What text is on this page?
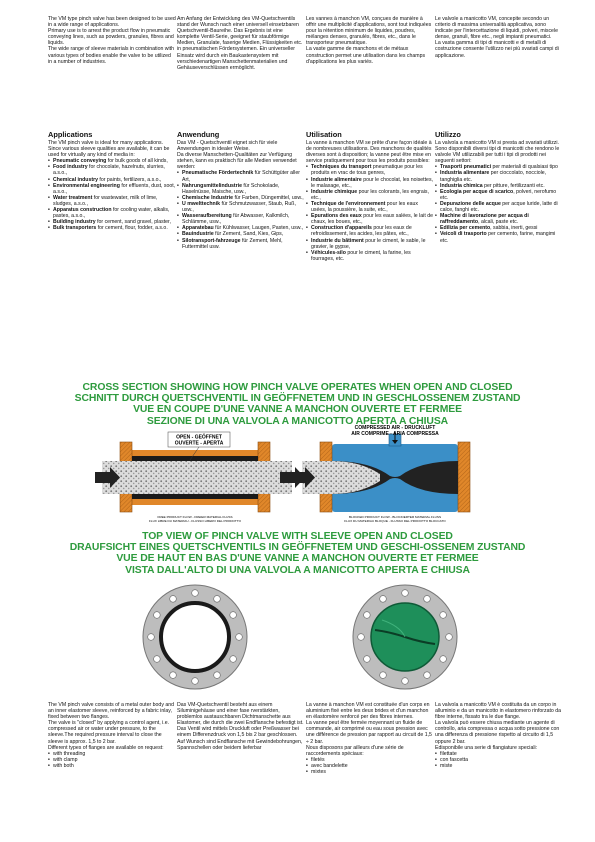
The VM type pinch valve has been designed to be used in a wide range of applications.

Primary use is to arrest the product flow in pneumatic conveying lines, such as powders, granules, fibres and liquids.

The wide range of sleeve materials in combination with various types of bodies enable the valve to be utilized in a number of industries.

Am Anfang der Entwicklung des VM-Quetschventils stand der Wunsch nach einer universell einsetzbaren Quetschventil-Baureihe. Das Ergebnis ist eine komplette Ventil-Serie, geeignet für staubförmige Medien, Granulate, faserige Medien, Flüssigkeiten etc. in pneumatischen Fördersystemen. Ein universeller Einsatz wird durch ein Baukastensystem mit verschiedenartigen Manschettenmaterialien und Gehäuseverschlüssen ermöglicht.

Les vannes à manchon VM, conçues de manière à offrir une multiplicité d'applications, sont tout indiquées pour la rétention minimum de liquides, poudres, mélanges denses, granulés, fibres, etc., dans le transporteur pneumatique.

La vaste gamme de manchons et de métaux construction permet une utilisation dans les champs d'applications les plus variés.

Le valvole a manicotto VM, concepite secondo un criterio di massima universalità applicativa, sono indicate per l'intercettazione di liquidi, polveri, miscele dense, granuli, fibre etc., negli impianti pneumatici.

La vasta gamma di tipi di manicotti e di metalli di costruzione consente l'utilizzo nei più svariati campi di applicazione.

Applications

The VM pinch valve is ideal for many applications. Since various sleeve qualities are available, it can be used for virtually any kind of media in:

• Pneumatic conveying for bulk goods of all kinds,
• Food industry for chocolate, hazelnuts, slurries, a.s.o.,
• Chemical industry for paints, fertilizers, a.s.o.,
• Environmental engineering for effluents, dust, soot, a.s.o.,
• Water treatment for wastewater, milk of lime, sludges, a.s.o.,
• Apparatus construction for cooling water, alkalis, pastes, a.s.o.,
• Building industry for cement, sand gravel, plaster,
• Bulk transporters for cement, flour, fodder, a.s.o.
Anwendung

Das VM - Quetschventil eignet sich für viele Anwendungen in idealer Weise.

Da diverse Manschetten-Qualitäten zur Verfügung stehen, kann es praktisch für alle Medien verwendet werden:

• Pneumatische Fördertechnik für Schüttgüter aller Art,
• Nahrungsmittelindustrie für Schokolade, Haselnüsse, Maische, usw.,
• Chemische Industrie für Farben, Düngemittel, usw.,
• U mwelttechnik für Schmutzwasser, Staub, Ruß, usw.,
• Wasseraufbereitung für Abwasser, Kalkmilch, Schlämme, usw.,
• Apparatebau für Kühlwasser, Laugen, Pasten, usw.,
• Bauindustrie für Zement, Sand, Kies, Gips,
• Silotransport-fahrzeuge für Zement, Mehl, Futtermittel usw.
Utilisation

La vanne à manchon VM se prête d'une façon idéale à de nombreuses utilisations. Des manchons de qualités diverses sont à disposition; la vanne peut être mise en service pratiquement pour tous les produits possibles:

• Techniques du transport pneumatique pour les produits en vrac de tous genres,
• Industrie alimentaire pour le chocolat, les noisettes, le malaxage, etc.,
• Industrie chimique pour les colorants, les engrais, etc.,
• Technique de l'environnement pour les eaux usées, la poussière, la suite, etc.,
• Epurations des eaux pour les eaux salées, le lait de chaux, les boues, etc.,
• Construction d'appareils pour les eaux de refroidissement, les acides, les pâtes, etc.,
• Industrie du bâtiment pour le ciment, le sable, le gravier, le gypse,
• Véhicules-silo pour le ciment, la farine, les fourrages, etc.
Utilizzo

La valvola a manicotto VM si presta ad svariati utilizzi. Sono disponibili diversi tipi di manicotti che rendono le valvole VM utilizzabili per tutti i tipi di prodotti nei seguenti settori:

• Trasporti pneumatici per materiali di qualsiasi tipo
• Industria alimentare per cioccolato, nocciole, tanghiglia etc.
• Industria chimica per pitture, fertilizzanti etc.
• Ecologia per acque di scarico, polveri, nerofumo etc.
• Depurazione delle acque per acque luride, latte di calce, fanghi etc.
• Machine di lavorazione per acqua di raffreddamento, alcali, paste etc.
• Edilizia per cemento, sabbia, inerti, gessi
• Veicoli di trasporto per cemento, farine, mangimi etc.
CROSS SECTION SHOWING HOW PINCH VALVE OPERATES WHEN OPEN AND CLOSED
SCHNITT DURCH QUETSCHVENTIL IN GEÖFFNETEM UND IN GESCHLOSSENEM ZUSTAND
VUE EN COUPE D'UNE VANNE A MANCHON OUVERTE ET FERMEE
SEZIONE DI UNA VALVOLA A MANICOTTO APERTA A CHIUSA
OPEN - GEÖFFNET
OUVERTE - APERTA
FREE PRODUCT FLOW - FREIER MATERIAL FLUSS
FLUX LIBRE DU MATERIAU - FLUSSO LIBERO DEL PRODOTTO
COMPRESSED AIR - DRUCKLUFT
AIR COMPRIME - ARIA COMPRESSA
BLOCKED PRODUCT FLOW - BLOCKIERTER MATERIAL FLUSS
FLUX DU MATERIAU BLOQUE - FLUSSO DEL PRODOTTO BLOCCATO
TOP VIEW OF PINCH VALVE WITH SLEEVE OPEN AND CLOSED
DRAUFSICHT EINES QUETSCHVENTILS IN GEÖFFNETEM UND GESCHI-OSSENEM ZUSTAND
VUE DE HAUT EN BAS D'UNE VANNE A MANCHON OUVERTE ET FERMEE
VISTA DALL'ALTO DI UNA VALVOLA A MANICOTTO APERTA E CHIUSA

The VM pinch valve consists of a metal outer body and an inner elastomer sleeve, reinforced by a fabric inlay, fixed between two flanges.

The valve is "closed" by applying a control agent, i.e. compressed air or water under pressure, to the sleeve.The required pressure interval to close the sleeve is approx. 1,5 to 2 bar.

Different types of flanges are available on request:

• with threading
• with clamp
• with both

Das VM-Quetschventil besteht aus einem Siluminigehäuse und einer fase rverstärkten, problemlos austauschbaren Dichtmanschette aus Elastomer, die durch die zwei Endflansche befestigt ist.

Das Ventil wird mittels Druckluft oder Preßwasser bei einem Differenzdruck von 1,5 bis 2 bar geschlossen.

Auf Wunsch sind Endflansche mit Gewindebohrungen, Spannschellen oder beidem lieferbar

La vanne à manchon VM est constituée d'un corps en aluminium fixé entre les deux brides et d'un manchon en élastomère renforcé per des fibres internes.

La vanne peut être fermée moyennant un fluide de commande, air comprimé ou eau sous pression avec une différence de pression par rapport au circuit de 1,5 ÷ 2 bar.

Nous disposons par ailleurs d'une série de raccordements spéciaux:

• filetés
• avec bandelette
• mixtes

La valvola a manicotto VM è costituita da un corpo in alluminio e da un manicotto in elastomero rinforzato da fibre interne, fissato tra le due flange.

La valvola può essere chiusa mediante un agente di controllo, aria compressa o acqua sotto pressione con una differenza di pressione rispetto al circuito di 1,5 oppure 2 bar.

Edisponibile una serie di flangiature speciali:

• filettate
• con fascetta
• miste
